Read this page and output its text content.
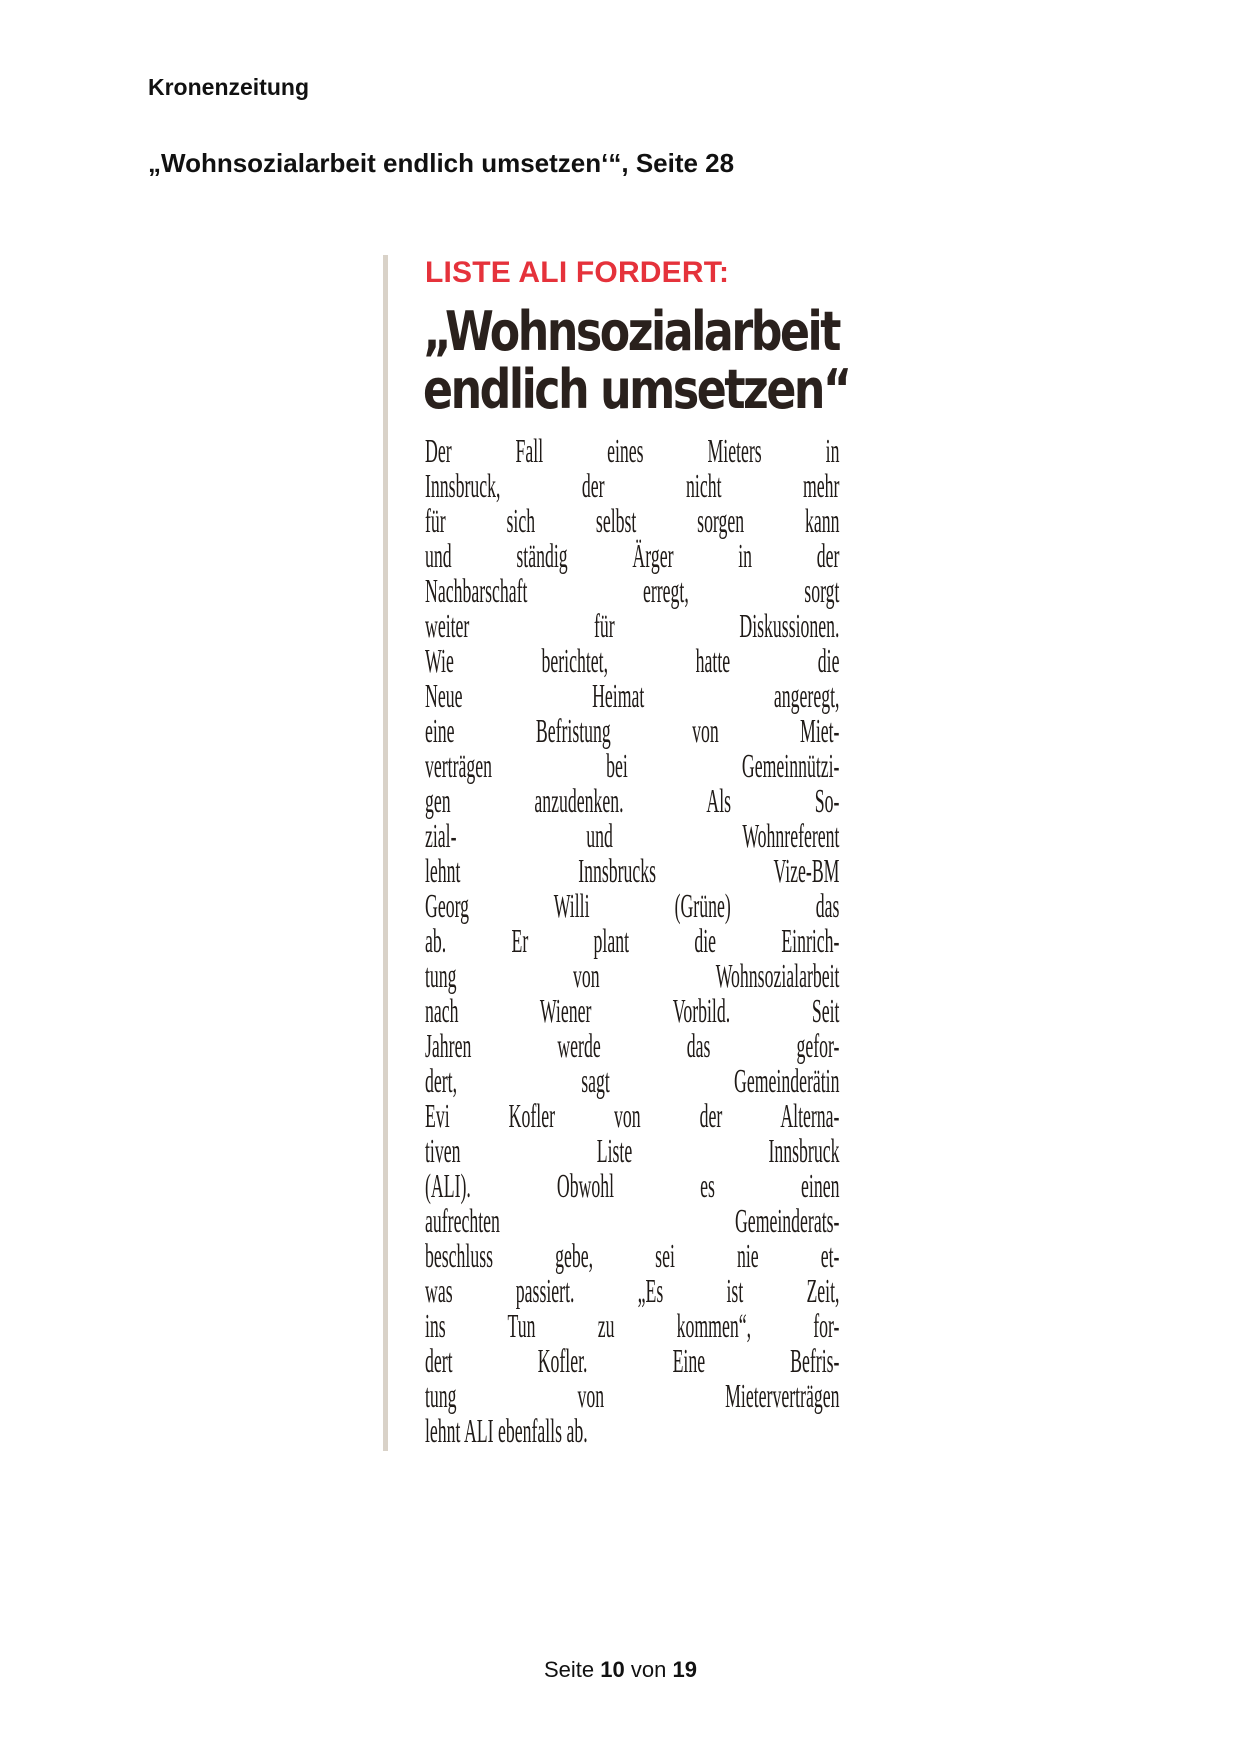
Kronenzeitung

„Wohnsozialarbeit endlich umsetzen‘“, Seite 28

LISTE ALI FORDERT:

„Wohnsozialarbeit
endlich umsetzen“
Der Fall eines Mieters in
Innsbruck, der nicht mehr
für sich selbst sorgen kann
und ständig Ärger in der
Nachbarschaft erregt, sorgt
weiter für Diskussionen.
Wie berichtet, hatte die
Neue Heimat angeregt,
eine Befristung von Miet-
verträgen bei Gemeinnützi-
gen anzudenken. Als So-
zial- und Wohnreferent
lehnt Innsbrucks Vize-BM
Georg Willi (Grüne) das
ab. Er plant die Einrich-
tung von Wohnsozialarbeit
nach Wiener Vorbild. Seit
Jahren werde das gefor-
dert, sagt Gemeinderätin
Evi Kofler von der Alterna-
tiven Liste Innsbruck
(ALI). Obwohl es einen
aufrechten Gemeinderats-
beschluss gebe, sei nie et-
was passiert. „Es ist Zeit,
ins Tun zu kommen“, for-
dert Kofler. Eine Befris-
tung von Mieterverträgen
lehnt ALI ebenfalls ab.

Seite 10 von 19
